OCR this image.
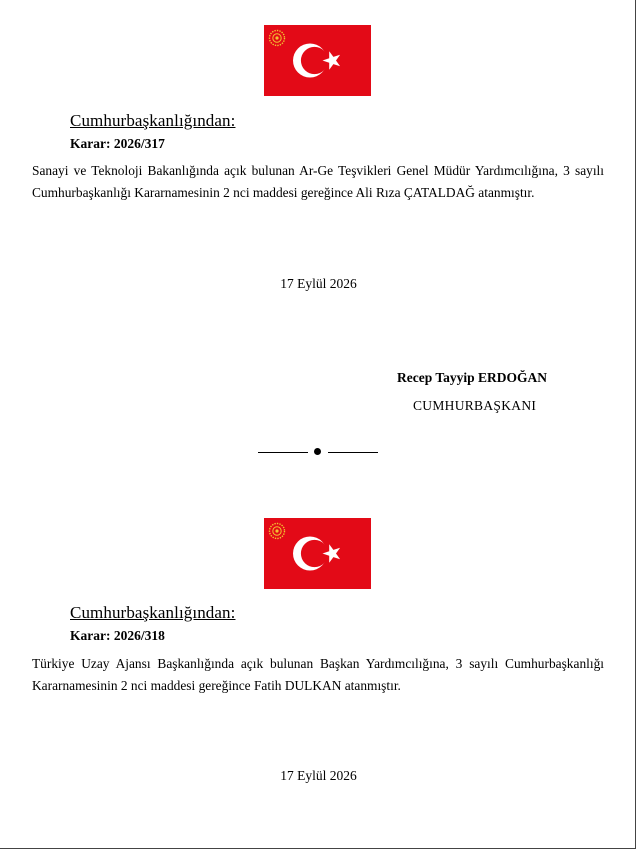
Cumhurbaşkanlığından:
Karar: 2026/317
Sanayi ve Teknoloji Bakanlığında açık bulunan Ar-Ge Teşvikleri Genel Müdür Yardımcılığına, 3 sayılı Cumhurbaşkanlığı Kararnamesinin 2 nci maddesi gereğince Ali Rıza ÇATALDAĞ atanmıştır.
17 Eylül 2026
Recep Tayyip ERDOĞAN
CUMHURBAŞKANI
Cumhurbaşkanlığından:
Karar: 2026/318
Türkiye Uzay Ajansı Başkanlığında açık bulunan Başkan Yardımcılığına, 3 sayılı Cumhurbaşkanlığı Kararnamesinin 2 nci maddesi gereğince Fatih DULKAN atanmıştır.
17 Eylül 2026
